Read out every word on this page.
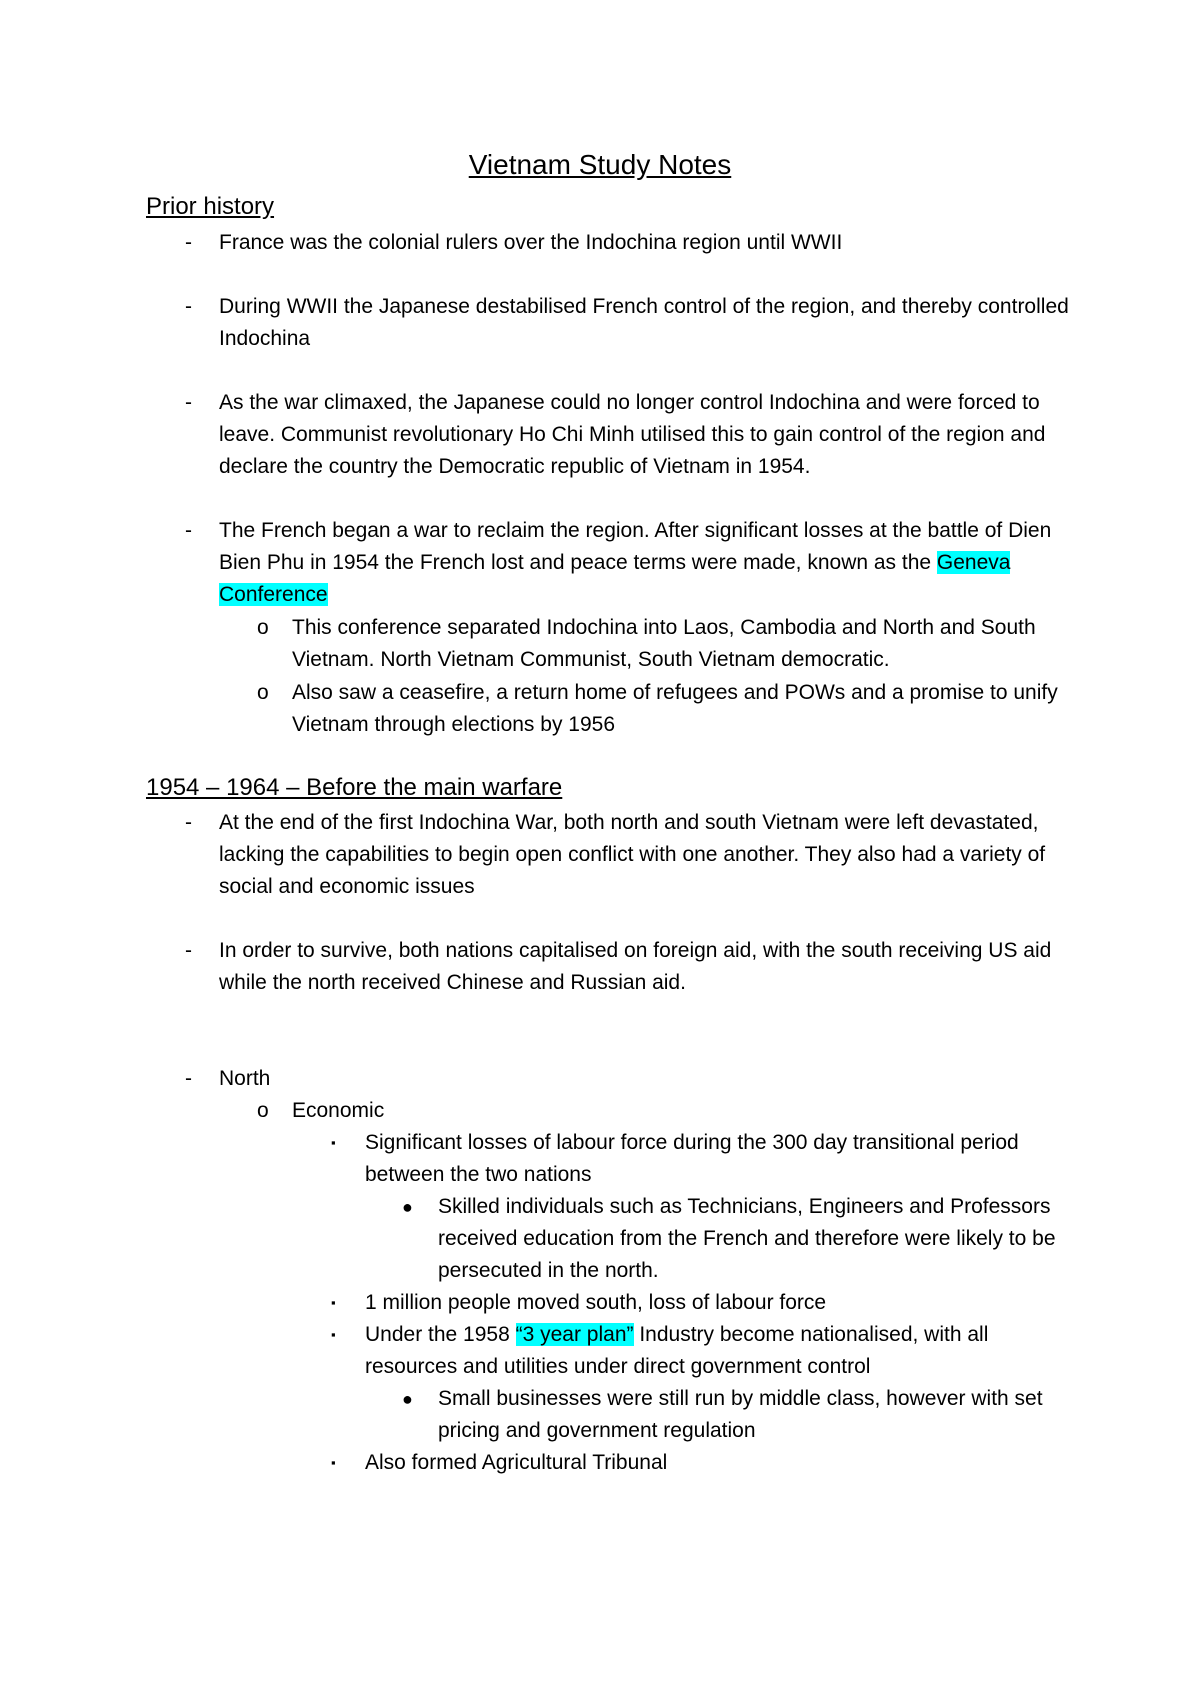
Vietnam Study Notes
Prior history
- France was the colonial rulers over the Indochina region until WWII
- During WWII the Japanese destabilised French control of the region, and thereby controlled Indochina
- As the war climaxed, the Japanese could no longer control Indochina and were forced to leave. Communist revolutionary Ho Chi Minh utilised this to gain control of the region and declare the country the Democratic republic of Vietnam in 1954.
- The French began a war to reclaim the region. After significant losses at the battle of Dien Bien Phu in 1954 the French lost and peace terms were made, known as the Geneva Conference
o This conference separated Indochina into Laos, Cambodia and North and South Vietnam. North Vietnam Communist, South Vietnam democratic.
o Also saw a ceasefire, a return home of refugees and POWs and a promise to unify Vietnam through elections by 1956
1954 – 1964 – Before the main warfare
- At the end of the first Indochina War, both north and south Vietnam were left devastated, lacking the capabilities to begin open conflict with one another. They also had a variety of social and economic issues
- In order to survive, both nations capitalised on foreign aid, with the south receiving US aid while the north received Chinese and Russian aid.
- North
o Economic
▪ Significant losses of labour force during the 300 day transitional period between the two nations
● Skilled individuals such as Technicians, Engineers and Professors received education from the French and therefore were likely to be persecuted in the north.
▪ 1 million people moved south, loss of labour force
▪ Under the 1958 “3 year plan” Industry become nationalised, with all resources and utilities under direct government control
● Small businesses were still run by middle class, however with set pricing and government regulation
▪ Also formed Agricultural Tribunal
